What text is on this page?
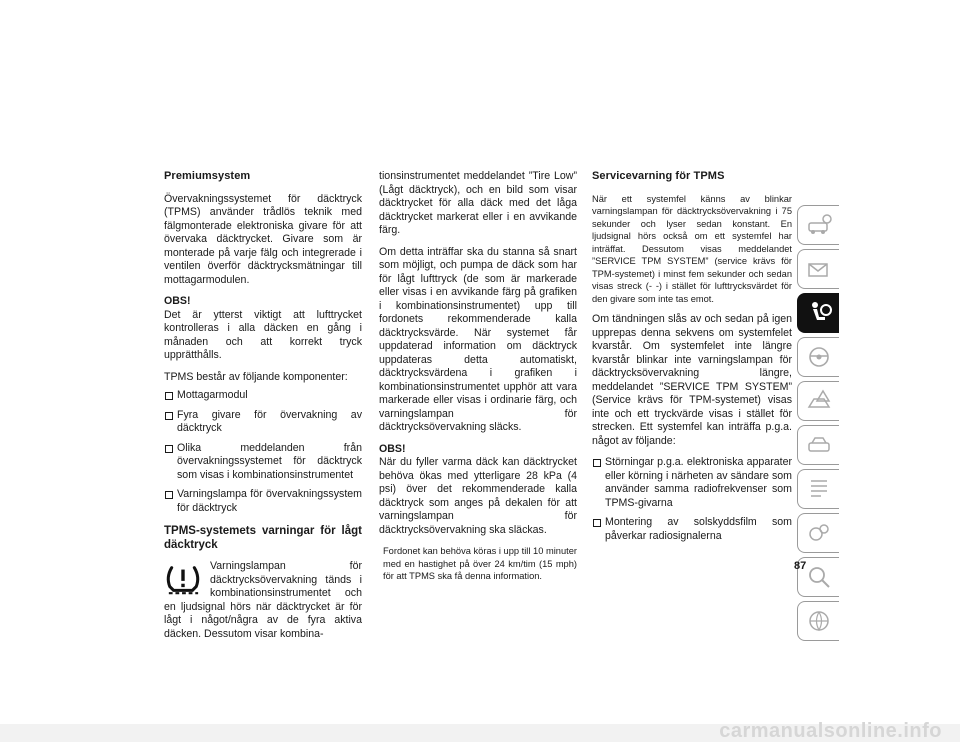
Premiumsystem

Övervakningssystemet för däcktryck (TPMS) använder trådlös teknik med fälgmonterade elektroniska givare för att övervaka däcktrycket. Givare som är monterade på varje fälg och integrerade i ventilen överför däcktrycksmätningar till mottagarmodulen.

OBS!
Det är ytterst viktigt att lufttrycket kontrolleras i alla däcken en gång i månaden och att korrekt tryck upprätthålls.

TPMS består av följande komponenter:

Mottagarmodul
Fyra givare för övervakning av däcktryck
Olika meddelanden från övervakningssystemet för däcktryck som visas i kombinationsinstrumentet
Varningslampa för övervakningssystem för däcktryck
TPMS-systemets varningar för lågt däcktryck

Varningslampan för däcktrycksövervakning tänds i kombinationsinstrumentet och en ljudsignal hörs när däcktrycket är för lågt i något/några av de fyra aktiva däcken. Dessutom visar kombina-

tionsinstrumentet meddelandet ”Tire Low” (Lågt däcktryck), och en bild som visar däcktrycket för alla däck med det låga däcktrycket markerat eller i en avvikande färg.

Om detta inträffar ska du stanna så snart som möjligt, och pumpa de däck som har för lågt lufttryck (de som är markerade eller visas i en avvikande färg på grafiken i kombinationsinstrumentet) upp till fordonets rekommenderade kalla däcktrycksvärde. När systemet får uppdaterad information om däcktryck uppdateras detta automatiskt, däcktrycksvärdena i grafiken i kombinationsinstrumentet upphör att vara markerade eller visas i ordinarie färg, och varningslampan för däcktrycksövervakning släcks.

OBS!
När du fyller varma däck kan däcktrycket behöva ökas med ytterligare 28 kPa (4 psi) över det rekommenderade kalla däcktryck som anges på dekalen för att varningslampan för däcktrycksövervakning ska släckas.

Fordonet kan behöva köras i upp till 10 minuter med en hastighet på över 24 km/tim (15 mph) för att TPMS ska få denna information.

Servicevarning för TPMS

När ett systemfel känns av blinkar varningslampan för däcktrycksövervakning i 75 sekunder och lyser sedan konstant. En ljudsignal hörs också om ett systemfel har inträffat. Dessutom visas meddelandet ”SERVICE TPM SYSTEM” (service krävs för TPM-systemet) i minst fem sekunder och sedan visas streck (- -) i stället för lufttrycksvärdet för den givare som inte tas emot.

Om tändningen slås av och sedan på igen upprepas denna sekvens om systemfelet kvarstår. Om systemfelet inte längre kvarstår blinkar inte varningslampan för däcktrycksövervakning längre, meddelandet ”SERVICE TPM SYSTEM” (Service krävs för TPM-systemet) visas inte och ett tryckvärde visas i stället för strecken. Ett systemfel kan inträffa p.g.a. något av följande:

Störningar p.g.a. elektroniska apparater eller körning i närheten av sändare som använder samma radiofrekvenser som TPMS-givarna
Montering av solskyddsfilm som påverkar radiosignalerna
87
carmanualsonline.info
